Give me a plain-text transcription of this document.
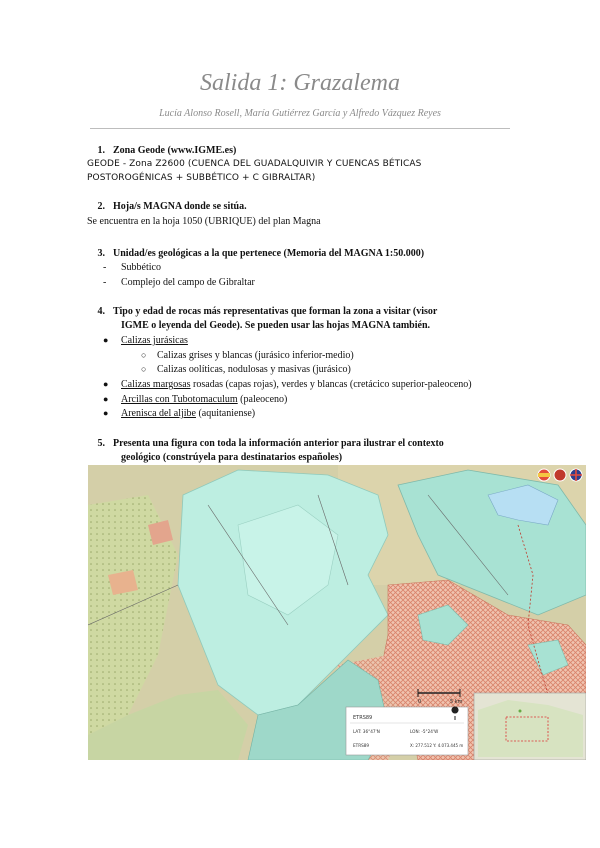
Salida 1: Grazalema
Lucía Alonso Rosell, María Gutiérrez García y Alfredo Vázquez Reyes
1. Zona Geode (www.IGME.es)
GEODE - Zona Z2600 (CUENCA DEL GUADALQUIVIR Y CUENCAS BÉTICAS
POSTOROGÉNICAS + SUBBÉTICO + C GIBRALTAR)
2. Hoja/s MAGNA donde se sitúa.
Se encuentra en la hoja 1050 (UBRIQUE) del plan Magna
3. Unidad/es geológicas a la que pertenece (Memoria del MAGNA 1:50.000)
- Subbético
- Complejo del campo de Gibraltar
4. Tipo y edad de rocas más representativas que forman la zona a visitar (visor
IGME o leyenda del Geode). Se pueden usar las hojas MAGNA también.
● Calizas jurásicas
○ Calizas grises y blancas (jurásico inferior-medio)
○ Calizas oolíticas, nodulosas y masivas (jurásico)
● Calizas margosas rosadas (capas rojas), verdes y blancas (cretácico superior-paleoceno)
● Arcillas con Tubotomaculum (paleoceno)
● Arenisca del aljibe (aquitaniense)
5. Presenta una figura con toda la información anterior para ilustrar el contexto
geológico (constrúyela para destinatarios españoles)
0	5 km
ETRS89
LAT: 36°47'N	LON: -5°24'W
ETRS89	X: 277.512 Y: 4.073.445 m
